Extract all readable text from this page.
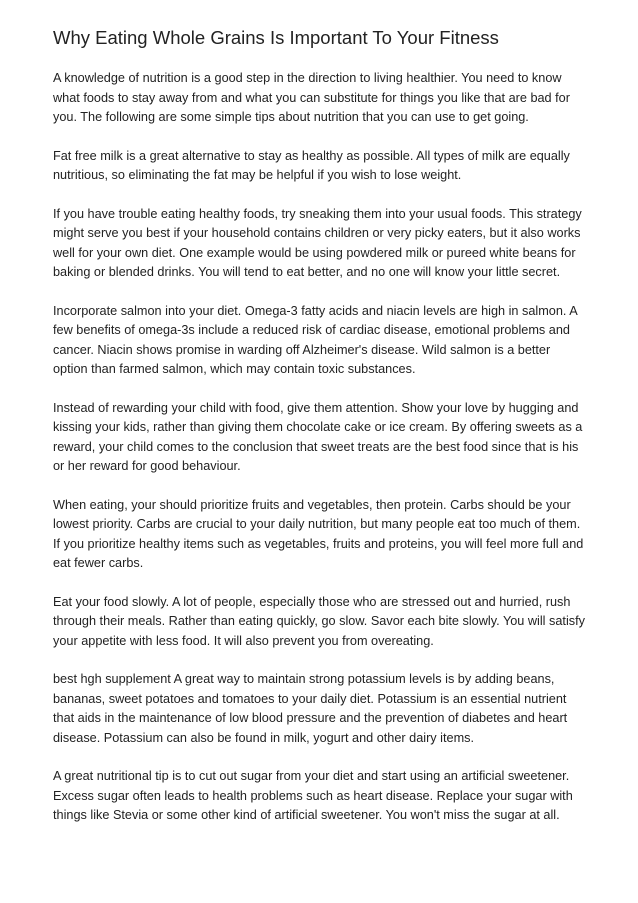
Why Eating Whole Grains Is Important To Your Fitness

A knowledge of nutrition is a good step in the direction to living healthier. You need to know what foods to stay away from and what you can substitute for things you like that are bad for you. The following are some simple tips about nutrition that you can use to get going.

Fat free milk is a great alternative to stay as healthy as possible. All types of milk are equally nutritious, so eliminating the fat may be helpful if you wish to lose weight.

If you have trouble eating healthy foods, try sneaking them into your usual foods. This strategy might serve you best if your household contains children or very picky eaters, but it also works well for your own diet. One example would be using powdered milk or pureed white beans for baking or blended drinks. You will tend to eat better, and no one will know your little secret.

Incorporate salmon into your diet. Omega-3 fatty acids and niacin levels are high in salmon. A few benefits of omega-3s include a reduced risk of cardiac disease, emotional problems and cancer. Niacin shows promise in warding off Alzheimer's disease. Wild salmon is a better option than farmed salmon, which may contain toxic substances.

Instead of rewarding your child with food, give them attention. Show your love by hugging and kissing your kids, rather than giving them chocolate cake or ice cream. By offering sweets as a reward, your child comes to the conclusion that sweet treats are the best food since that is his or her reward for good behaviour.

When eating, your should prioritize fruits and vegetables, then protein. Carbs should be your lowest priority. Carbs are crucial to your daily nutrition, but many people eat too much of them. If you prioritize healthy items such as vegetables, fruits and proteins, you will feel more full and eat fewer carbs.

Eat your food slowly. A lot of people, especially those who are stressed out and hurried, rush through their meals. Rather than eating quickly, go slow. Savor each bite slowly. You will satisfy your appetite with less food. It will also prevent you from overeating.

best hgh supplement A great way to maintain strong potassium levels is by adding beans, bananas, sweet potatoes and tomatoes to your daily diet. Potassium is an essential nutrient that aids in the maintenance of low blood pressure and the prevention of diabetes and heart disease. Potassium can also be found in milk, yogurt and other dairy items.

A great nutritional tip is to cut out sugar from your diet and start using an artificial sweetener. Excess sugar often leads to health problems such as heart disease. Replace your sugar with things like Stevia or some other kind of artificial sweetener. You won't miss the sugar at all.
